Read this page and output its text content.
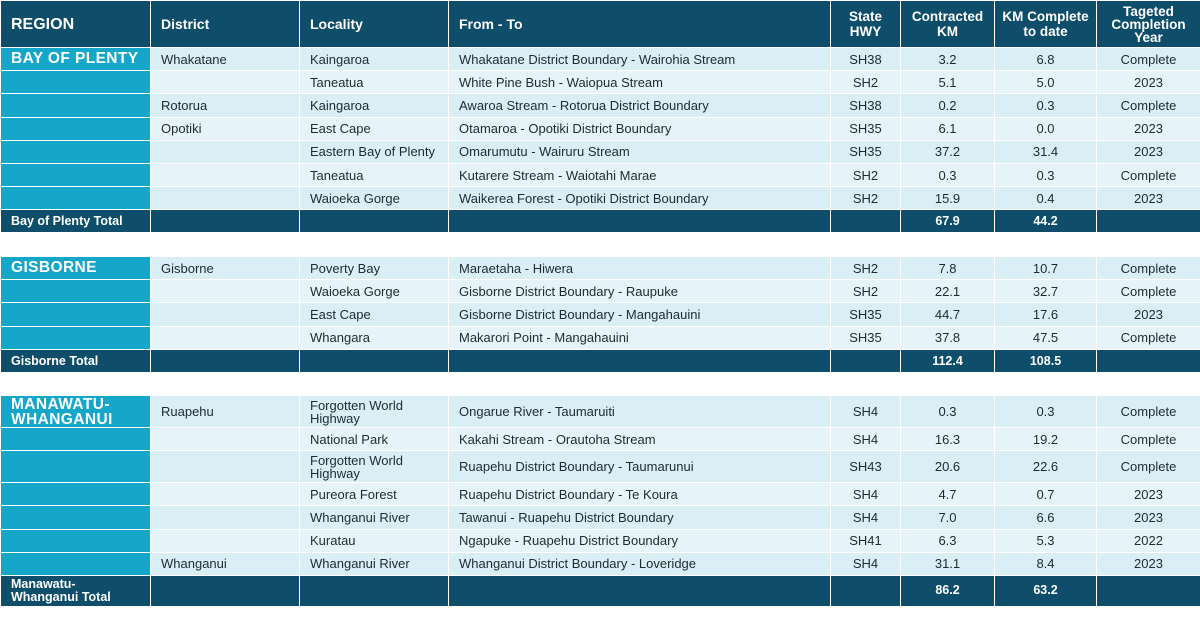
REGION	District	Locality	From - To	State HWY	Contracted KM	KM Complete to date	Tageted Completion Year
BAY OF PLENTY	Whakatane	Kaingaroa	Whakatane District Boundary - Wairohia Stream	SH38	3.2	6.8	Complete
		Taneatua	White Pine Bush - Waiopua Stream	SH2	5.1	5.0	2023
	Rotorua	Kaingaroa	Awaroa Stream - Rotorua District Boundary	SH38	0.2	0.3	Complete
	Opotiki	East Cape	Otamaroa - Opotiki District Boundary	SH35	6.1	0.0	2023
		Eastern Bay of Plenty	Omarumutu - Wairuru Stream	SH35	37.2	31.4	2023
		Taneatua	Kutarere Stream - Waiotahi Marae	SH2	0.3	0.3	Complete
		Waioeka Gorge	Waikerea Forest - Opotiki District Boundary	SH2	15.9	0.4	2023
Bay of Plenty Total					67.9	44.2	
GISBORNE	Gisborne	Poverty Bay	Maraetaha - Hiwera	SH2	7.8	10.7	Complete
		Waioeka Gorge	Gisborne District Boundary - Raupuke	SH2	22.1	32.7	Complete
		East Cape	Gisborne District Boundary - Mangahauini	SH35	44.7	17.6	2023
		Whangara	Makarori Point - Mangahauini	SH35	37.8	47.5	Complete
Gisborne Total					112.4	108.5	
MANAWATU-
WHANGANUI	Ruapehu	Forgotten World Highway	Ongarue River - Taumaruiti	SH4	0.3	0.3	Complete
		National Park	Kakahi Stream - Orautoha Stream	SH4	16.3	19.2	Complete
		Forgotten World Highway	Ruapehu District Boundary - Taumarunui	SH43	20.6	22.6	Complete
		Pureora Forest	Ruapehu District Boundary - Te Koura	SH4	4.7	0.7	2023
		Whanganui River	Tawanui - Ruapehu District Boundary	SH4	7.0	6.6	2023
		Kuratau	Ngapuke - Ruapehu District Boundary	SH41	6.3	5.3	2022
	Whanganui	Whanganui River	Whanganui District Boundary - Loveridge	SH4	31.1	8.4	2023
Manawatu-
Whanganui Total					86.2	63.2	
